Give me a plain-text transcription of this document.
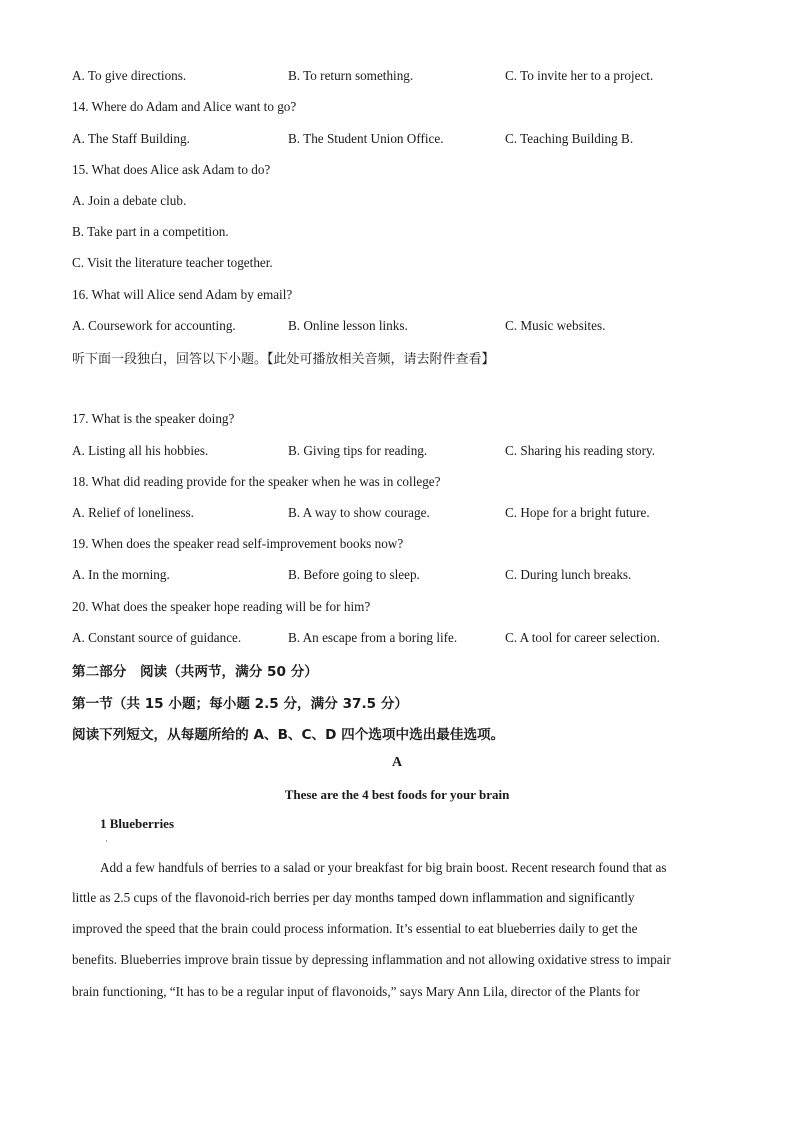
A. To give directions.	B. To return something.	C. To invite her to a project.
14. Where do Adam and Alice want to go?
A. The Staff Building.	B. The Student Union Office.	C. Teaching Building B.
15. What does Alice ask Adam to do?
A. Join a debate club.
B. Take part in a competition.
C. Visit the literature teacher together.
16. What will Alice send Adam by email?
A. Coursework for accounting.	B. Online lesson links.	C. Music websites.
听下面一段独白，回答以下小题。【此处可播放相关音频，请去附件查看】
17. What is the speaker doing?
A. Listing all his hobbies.	B. Giving tips for reading.	C. Sharing his reading story.
18. What did reading provide for the speaker when he was in college?
A. Relief of loneliness.	B. A way to show courage.	C. Hope for a bright future.
19. When does the speaker read self-improvement books now?
A. In the morning.	B. Before going to sleep.	C. During lunch breaks.
20. What does the speaker hope reading will be for him?
A. Constant source of guidance.	B. An escape from a boring life.	C. A tool for career selection.
第二部分　阅读（共两节，满分 50 分）
第一节（共 15 小题；每小题 2.5 分，满分 37.5 分）
阅读下列短文，从每题所给的 A、B、C、D 四个选项中选出最佳选项。
A
These are the 4 best foods for your brain
1 Blueberries
·
Add a few handfuls of berries to a salad or your breakfast for big brain boost. Recent research found that as
little as 2.5 cups of the flavonoid-rich berries per day months tamped down inflammation and significantly
improved the speed that the brain could process information. It’s essential to eat blueberries daily to get the
benefits. Blueberries improve brain tissue by depressing inflammation and not allowing oxidative stress to impair
brain functioning, “It has to be a regular input of flavonoids,” says Mary Ann Lila, director of the Plants for
